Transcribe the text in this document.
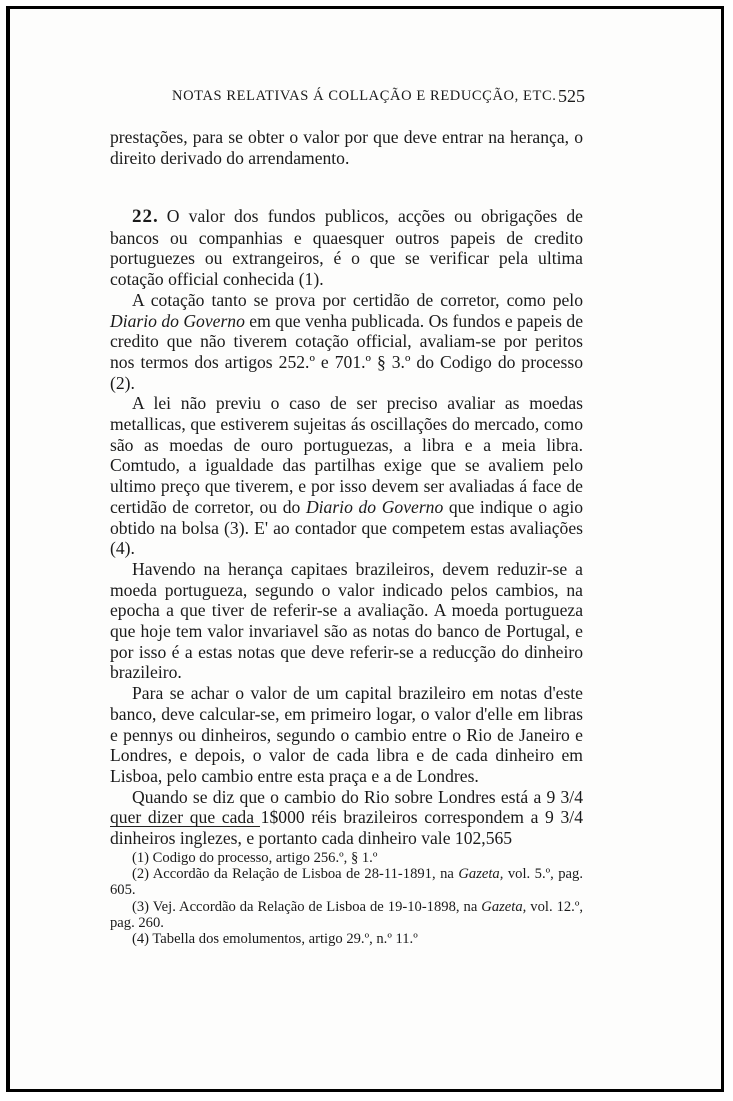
NOTAS RELATIVAS Á COLLAÇÃO E REDUCÇÃO, ETC. 525

prestações, para se obter o valor por que deve entrar na herança, o direito derivado do arrendamento.

22. O valor dos fundos publicos, acções ou obrigações de bancos ou companhias e quaesquer outros papeis de credito portuguezes ou extrangeiros, é o que se verificar pela ultima cotação official conhecida (1).

A cotação tanto se prova por certidão de corretor, como pelo Diario do Governo em que venha publicada. Os fundos e papeis de credito que não tiverem cotação official, avaliam-se por peritos nos termos dos artigos 252.º e 701.º § 3.º do Codigo do processo (2).

A lei não previu o caso de ser preciso avaliar as moedas metallicas, que estiverem sujeitas ás oscillações do mercado, como são as moedas de ouro portuguezas, a libra e a meia libra. Comtudo, a igualdade das partilhas exige que se avaliem pelo ultimo preço que tiverem, e por isso devem ser avaliadas á face de certidão de corretor, ou do Diario do Governo que indique o agio obtido na bolsa (3). E' ao contador que competem estas avaliações (4).

Havendo na herança capitaes brazileiros, devem reduzir-se a moeda portugueza, segundo o valor indicado pelos cambios, na epocha a que tiver de referir-se a avaliação. A moeda portugueza que hoje tem valor invariavel são as notas do banco de Portugal, e por isso é a estas notas que deve referir-se a reducção do dinheiro brazileiro.

Para se achar o valor de um capital brazileiro em notas d'este banco, deve calcular-se, em primeiro logar, o valor d'elle em libras e pennys ou dinheiros, segundo o cambio entre o Rio de Janeiro e Londres, e depois, o valor de cada libra e de cada dinheiro em Lisboa, pelo cambio entre esta praça e a de Londres.

Quando se diz que o cambio do Rio sobre Londres está a 9 3/4 quer dizer que cada 1$000 réis brazileiros correspondem a 9 3/4 dinheiros inglezes, e portanto cada dinheiro vale 102,565

(1) Codigo do processo, artigo 256.º, § 1.º

(2) Accordão da Relação de Lisboa de 28-11-1891, na Gazeta, vol. 5.º, pag. 605.

(3) Vej. Accordão da Relação de Lisboa de 19-10-1898, na Gazeta, vol. 12.º, pag. 260.

(4) Tabella dos emolumentos, artigo 29.º, n.º 11.º
